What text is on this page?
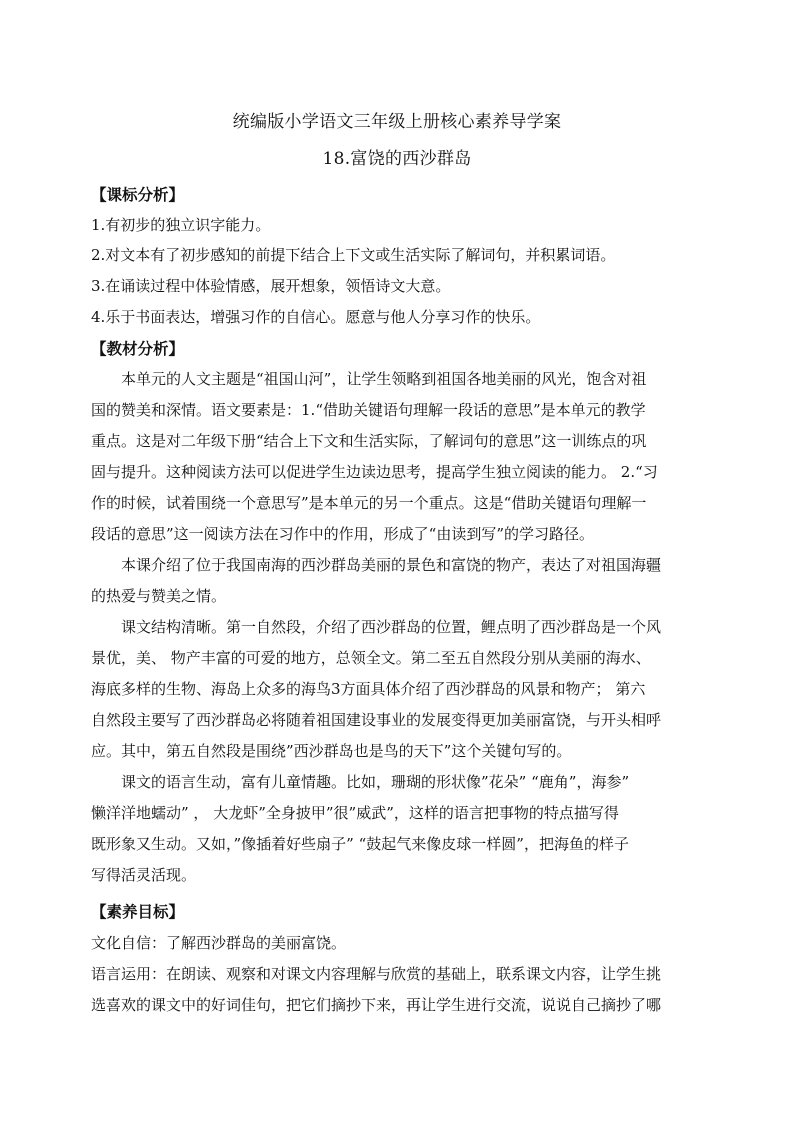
统编版小学语文三年级上册核心素养导学案
18.富饶的西沙群岛
【课标分析】
1.有初步的独立识字能力。
2.对文本有了初步感知的前提下结合上下文或生活实际了解词句，并积累词语。
3.在诵读过程中体验情感，展开想象，领悟诗文大意。
4.乐于书面表达，增强习作的自信心。愿意与他人分享习作的快乐。
【教材分析】
本单元的人文主题是“祖国山河”，让学生领略到祖国各地美丽的风光，饱含对祖
国的赞美和深情。语文要素是：1.“借助关键语句理解一段话的意思”是本单元的教学
重点。这是对二年级下册“结合上下文和生活实际，了解词句的意思”这一训练点的巩
固与提升。这种阅读方法可以促进学生边读边思考，提高学生独立阅读的能力。 2.“习
作的时候，试着围绕一个意思写”是本单元的另一个重点。这是“借助关键语句理解一
段话的意思”这一阅读方法在习作中的作用，形成了“由读到写”的学习路径。
本课介绍了位于我国南海的西沙群岛美丽的景色和富饶的物产，表达了对祖国海疆
的热爱与赞美之情。
课文结构清晰。第一自然段，介绍了西沙群岛的位置，鲤点明了西沙群岛是一个风
景优，美、 物产丰富的可爱的地方，总领全文。第二至五自然段分别从美丽的海水、
海底多样的生物、海岛上众多的海鸟3方面具体介绍了西沙群岛的风景和物产； 第六
自然段主要写了西沙群岛必将随着祖国建设事业的发展变得更加美丽富饶，与开头相呼
应。其中，第五自然段是围绕”西沙群岛也是鸟的天下”这个关键句写的。
课文的语言生动，富有儿童情趣。比如，珊瑚的形状像”花朵” “鹿角”，海参”
懒洋洋地蠕动” ， 大龙虾”全身披甲”很”威武”，这样的语言把事物的特点描写得
既形象又生动。又如，”像插着好些扇子” “鼓起气来像皮球一样圆”，把海鱼的样子
写得活灵活现。
【素养目标】
文化自信：了解西沙群岛的美丽富饶。
语言运用：在朗读、观察和对课文内容理解与欣赏的基础上，联系课文内容，让学生挑
选喜欢的课文中的好词佳句，把它们摘抄下来，再让学生进行交流，说说自己摘抄了哪
